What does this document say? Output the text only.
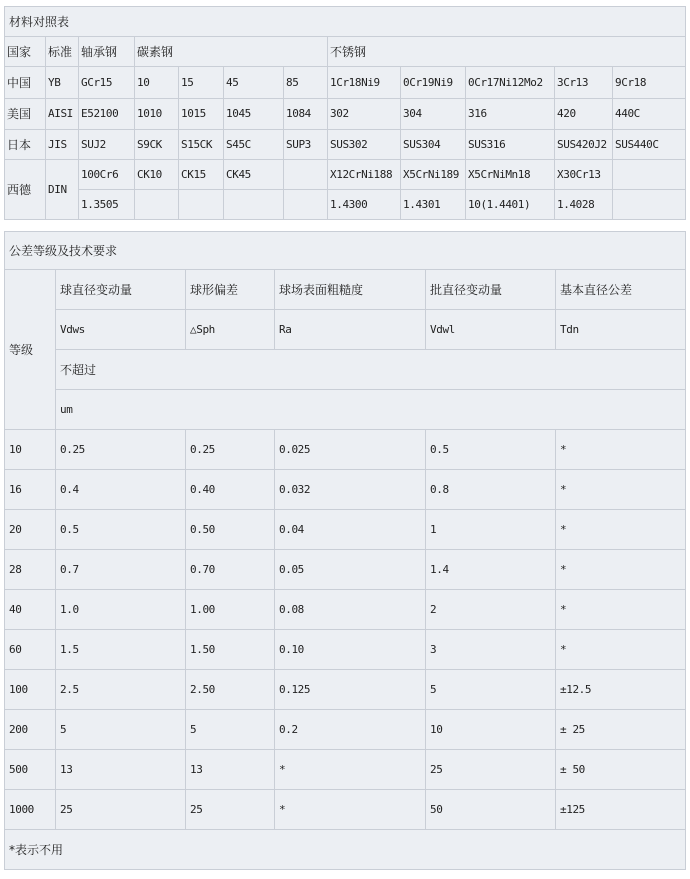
材料对照表											
国家	标准	轴承钢	碳素钢				不锈钢				
中国	YB	GCr15	10	15	45	85	1Cr18Ni9	0Cr19Ni9	0Cr17Ni12Mo2	3Cr13	9Cr18
美国	AISI	E52100	1010	1015	1045	1084	302	304	316	420	440C
日本	JIS	SUJ2	S9CK	S15CK	S45C	SUP3	SUS302	SUS304	SUS316	SUS420J2	SUS440C
西德	DIN	100Cr6	CK10	CK15	CK45		X12CrNi188	X5CrNi189	X5CrNiMn18	X30Cr13	
		1.3505					1.4300	1.4301	10(1.4401)	1.4028	
公差等级及技术要求					
等级	球直径变动量	球形偏差	球场表面粗糙度	批直径变动量	基本直径公差
	Vdws	△Sph	Ra	Vdwl	Tdn
	不超过				
	um				
10	0.25	0.25	0.025	0.5	*
16	0.4	0.40	0.032	0.8	*
20	0.5	0.50	0.04	1	*
28	0.7	0.70	0.05	1.4	*
40	1.0	1.00	0.08	2	*
60	1.5	1.50	0.10	3	*
100	2.5	2.50	0.125	5	±12.5
200	5	5	0.2	10	± 25
500	13	13	*	25	± 50
1000	25	25	*	50	±125
*表示不用					
